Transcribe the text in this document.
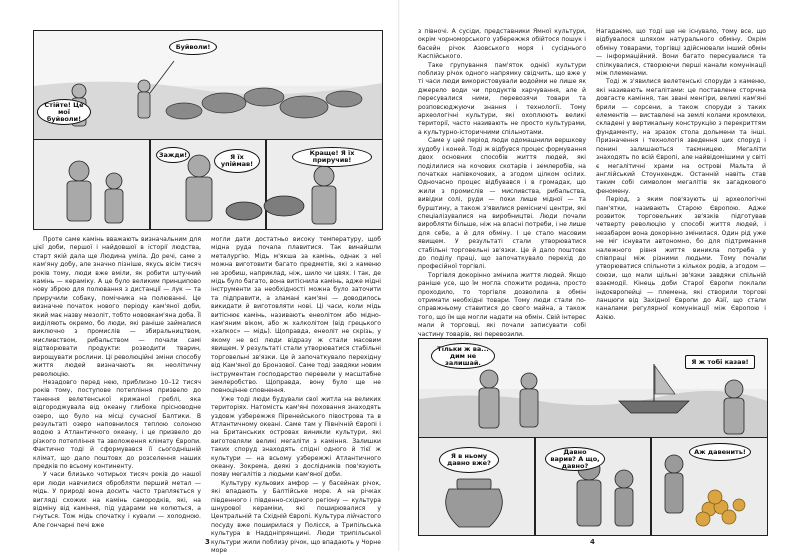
Стійте! Це мої буйволи!
Буйволи!
Я їх упіймав!
Зажди!	Краще! Я їх приручив!

Проте саме камінь вважають визначальним для цієї доби, першої і найдовшої в історії людства, старт якій дала ще Людина уміла. До речі, саме з кам'яну добу, але значно пізніше, якусь вісім тисяч років тому, люди вже вміли, як робити штучний камінь — кераміку. А це було великим принципово нову зброю для полювання з дистанції — лук — та приручили собаку, помічника на полюванні. Це визначне початок нового періоду кам'яної доби, який має назву мезоліт, тобто нововкам'яна доба. Її виділяють окремо, бо люди, які раніше займалися виключно з промислів — збиральництвом, мисливством, рибальством — почали самі відтворювати продукти: розводити тварин, вирощувати рослини. Ці революційні зміни способу життя людей визначають як неолітичну революцію.

Незадовго перед нею, приблизно 10–12 тисяч років тому, поступове потепління призвело до танення велетенської крижаної греблі, яка відгороджувала від океану глибоке прісноводне озеро, що було на місці сучасної Балтики. В результаті озеро наповнилося теплою солоною водою з Атлантичного океану, і це призвело до різкого потепління та зволоження клімату Європи. Фактично тоді й сформувався її сьогоднішній клімат, що дало поштовх до розселення наших предків по всьому континенту.

У часи близько чотирьох тисяч років до нашої ери люди навчилися обробляти перший метал — мідь. У природі вона досить часто трапляється у вигляді схожих на камінь самородків, які, на відміну від каміння, під ударами не колються, а гнуться. Тож мідь спочатку і кували — холодною. Але гончарні печі вже

могли дати достатньо високу температуру, щоб мідна руда почала плавитися. Так винайшли металургію. Мідь м'якша за камінь, однак з неї можна виготовити багато предметів, які з каменю не зробиш, наприклад, ніж, шило чи цвях. І так, де мідь було багато, вона витіснила камінь, адже мідні інструменти за необхідності можна було заточити та підправити, а зламані кам'яні — доводилось викидати й виготовляти нові. Ці часи, коли мідь витіснює камінь, називають енеолітом або мідно-кам'яним віком, або ж халколітом (від грецького «халкос» — мідь). Щоправда, енеоліт не скрізь, у якому не всі люди відразу ж стали масовим явищем. У результаті стали утворюватися стабільні торговельні зв'язки. Це й започаткувало перехідну від Кам'яної до Бронзової. Саме тоді завдяки новим інструментам господарство перевели у масштабне землеробство. Щоправда, вону було ще не повноцінне сповнення.

Уже тоді люди будували свої житла на великих територіях. Натомість кам'яні поховання знаходять уздовж узбережжя Піренейського півострова та в Атлантичному океані. Саме там у Північній Європі і на Британських островах виникли культури, які виготовляли великі мегаліти з каміння. Залишки таких споруд знаходять спідні одного й тієї ж культури — на всьому узбережжі Атлантичного океану. Зокрема, деякі з дослідників пов'язують появу мегалітів з людьми кам'яної доби.

Культуру кульових амфор — у басейнах річок, які впадають у Балтійське море. А на річках південного і південно-східного регіону — культура шнурової кераміки, які поширювалися у Центральній та Східній Європі. Культура лійчастого посуду вже поширилася у Полісся, а Трипільська культура в Наддніпрянщині. Люди трипільської культури жили поблизу річок, що впадають у Чорне море

3

з півночі. А сусіди, представники Ямної культури, окрім чорноморського узбережжя обійтося пошук і басейн річок Азовського моря і сусіднього Каспійського.

Таке групування пам'яток однієї культури поблизу річок одного напрямку свідчить, що вже у ті часи люди використовували водойми не лише як джерело води чи продуктів харчування, але й пересувалися ними, перевозячи товари та розповсюджуючи знання і технології. Тому археологічні культури, які охоплюють великі території, часто називають не просто культурами, а культурно-історичними спільнотами.

Саме у цей період люди одомашнили вершкову худобу і коней. Тоді ж відбувся процес формування двох основних способів життя людей, які поділилися на кочових скотарів і землеробів, на початках напівкочових, а згодом цілком осілих. Одночасно процес відбувався і в громадах, що жили з промислів — мисливства, рибальства, вивідки солі, руди — поки лише мідної — та бурштину, а також з'явилися ремісничі центри, які спеціалізувалися на виробництві. Люди почали виробляти більше, ніж на власні потреби, і не лише для себе, а й для обміну. І це стало масовим явищем. У результаті стали утворюватися стабільні торговельні зв'язки. Це й дало поштовх до поділу праці, що започаткувало перехід до професійної торгівлі.

Торгівля докорінно змінила життя людей. Якщо раніше усе, що їм могла спожити родина, просто проходило, то торгівля дозволила в обмін отримати необхідні товари. Тому люди стали по-справжньому ставитися до свого майна, а також того, що їм ще могли надати на обмін. Свій інтерес мали й торговці, які почали записувати собі частину товарів, які перевозили.

Нагадаємо, що тоді ще не існувало, тому все, що відбувалося шляхом натурального обміну. Окрім обміну товарами, торгівці здійснювали інший обмін — інформаційний. Вони багато пересувалися та спілкувалися, створюючи перші канали комунікації між племенами.

Тоді ж з'явилися велетенські споруди з каменю, які називають мегалітами: це поставлене сторчма довгасте каміння, так звані менгіри, великі кам'яні брили — сорсени, а також споруди з таких елементів — виставлені на землі колами кромлехи, складені у вертикальну конструкцію з перекриттям фундаменту, на зразок стола дольмени та інші. Призначення і технологія зведення цих споруд і понині залишаються таємницею. Мегаліти знаходять по всій Європі, але найвідомішими у світі є мегалітичні храми на острові Мальта й англійський Стоунхендж. Останній навіть став таким собі символом мегалітів як загадкового феномену.

Період, з яким пов'язують ці археологічні пам'ятки, називають Старою Європою. Адже розвиток торговельних зв'язків підготував четверту революцію у способі життя людей, і незабаром вона докорінно змінилася. Один рід уже не міг існувати автономно, бо для підтримання належного рівня життя виникла потреба у співпраці між різними людьми. Тому почали утворюватися спільноти з кількох родів, а згодом — союзи, що мали щільні зв'язки завдяки спільній взаємодії. Кінець доби Старої Європи поклали індоєвропейці — племена, які створили торгові ланцюги від Західної Європи до Азії, що стали каналами регулярної комунікації між Європою і Азією.

Тільки ж ва... дим не залишай.	Я ж тобі казав!
Я в ньому давно вже?
Давно варив? А що, давно?
Аж давенить!
4
